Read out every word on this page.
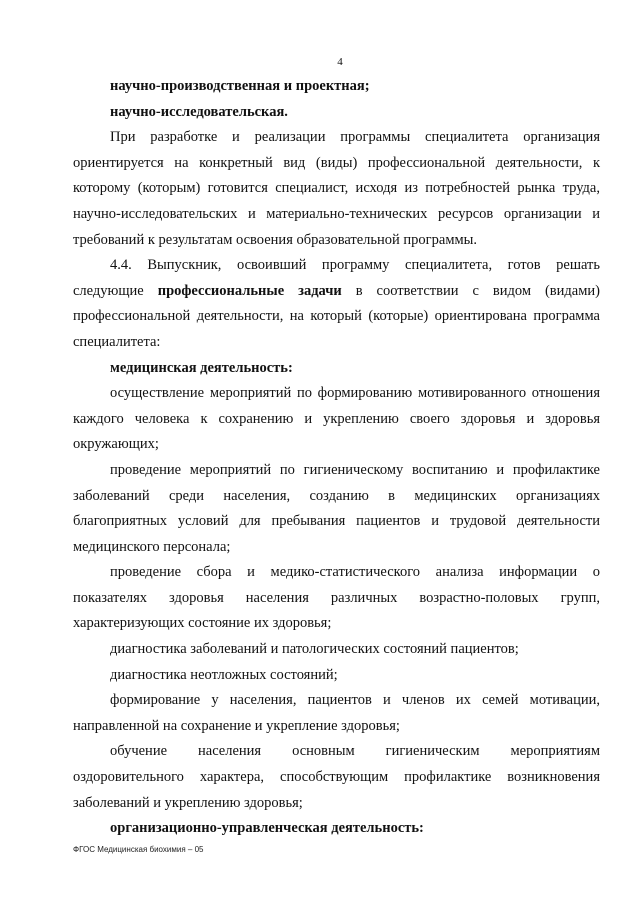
4

научно-производственная и проектная;

научно-исследовательская.

При разработке и реализации программы специалитета организация ориентируется на конкретный вид (виды) профессиональной деятельности, к которому (которым) готовится специалист, исходя из потребностей рынка труда, научно-исследовательских и материально-технических ресурсов организации и требований к результатам освоения образовательной программы.

4.4. Выпускник, освоивший программу специалитета, готов решать следующие профессиональные задачи в соответствии с видом (видами) профессиональной деятельности, на который (которые) ориентирована программа специалитета:

медицинская деятельность:

осуществление мероприятий по формированию мотивированного отношения каждого человека к сохранению и укреплению своего здоровья и здоровья окружающих;

проведение мероприятий по гигиеническому воспитанию и профилактике заболеваний среди населения, созданию в медицинских организациях благоприятных условий для пребывания пациентов и трудовой деятельности медицинского персонала;

проведение сбора и медико-статистического анализа информации о показателях здоровья населения различных возрастно-половых групп, характеризующих состояние их здоровья;

диагностика заболеваний и патологических состояний пациентов;

диагностика неотложных состояний;

формирование у населения, пациентов и членов их семей мотивации, направленной на сохранение и укрепление здоровья;

обучение населения основным гигиеническим мероприятиям оздоровительного характера, способствующим профилактике возникновения заболеваний и укреплению здоровья;

организационно-управленческая деятельность:

ФГОС Медицинская биохимия – 05
